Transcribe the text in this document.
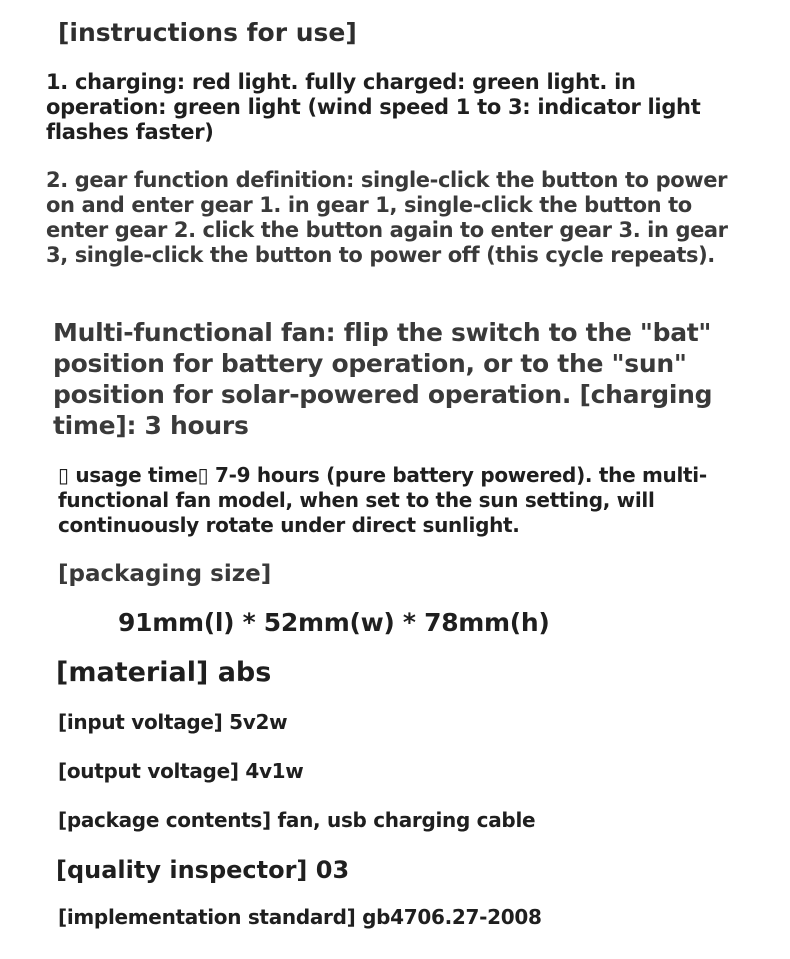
[instructions for use]

1. charging: red light. fully charged: green light. in operation: green light (wind speed 1 to 3: indicator light flashes faster)

2. gear function definition: single-click the button to power on and enter gear 1. in gear 1, single-click the button to enter gear 2. click the button again to enter gear 3. in gear 3, single-click the button to power off (this cycle repeats).

Multi-functional fan: flip the switch to the "bat" position for battery operation, or to the "sun" position for solar-powered operation. [charging time]: 3 hours

▯ usage time▯ 7-9 hours (pure battery powered). the multi-functional fan model, when set to the sun setting, will continuously rotate under direct sunlight.

[packaging size]
91mm(l) * 52mm(w) * 78mm(h)
[material] abs
[input voltage] 5v2w
[output voltage] 4v1w
[package contents] fan, usb charging cable
[quality inspector] 03
[implementation standard] gb4706.27-2008
